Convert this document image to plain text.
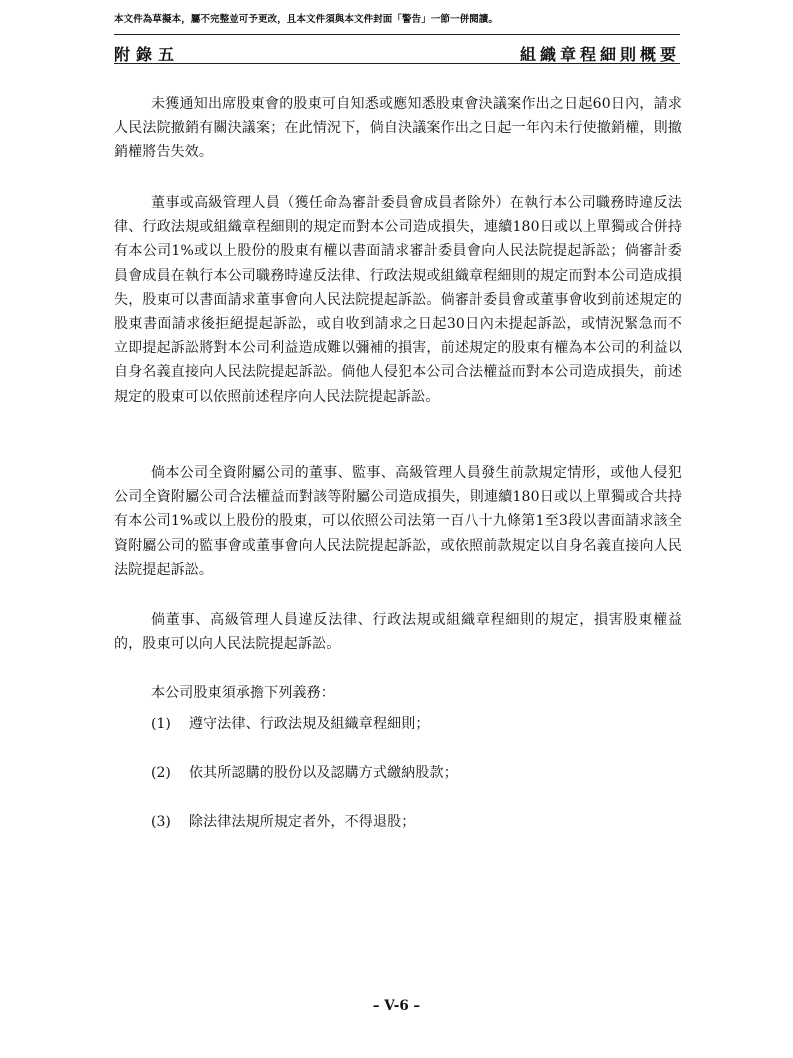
本文件為草擬本，屬不完整並可予更改，且本文件須與本文件封面「警告」一節一併閱讀。
附錄五	組織章程細則概要

未獲通知出席股東會的股東可自知悉或應知悉股東會決議案作出之日起60日內，請求人民法院撤銷有關決議案；在此情況下，倘自決議案作出之日起一年內未行使撤銷權，則撤銷權將告失效。

董事或高級管理人員（獲任命為審計委員會成員者除外）在執行本公司職務時違反法律、行政法規或組織章程細則的規定而對本公司造成損失，連續180日或以上單獨或合併持有本公司1%或以上股份的股東有權以書面請求審計委員會向人民法院提起訴訟；倘審計委員會成員在執行本公司職務時違反法律、行政法規或組織章程細則的規定而對本公司造成損失，股東可以書面請求董事會向人民法院提起訴訟。倘審計委員會或董事會收到前述規定的股東書面請求後拒絕提起訴訟，或自收到請求之日起30日內未提起訴訟，或情況緊急而不立即提起訴訟將對本公司利益造成難以彌補的損害，前述規定的股東有權為本公司的利益以自身名義直接向人民法院提起訴訟。倘他人侵犯本公司合法權益而對本公司造成損失，前述規定的股東可以依照前述程序向人民法院提起訴訟。

倘本公司全資附屬公司的董事、監事、高級管理人員發生前款規定情形，或他人侵犯公司全資附屬公司合法權益而對該等附屬公司造成損失，則連續180日或以上單獨或合共持有本公司1%或以上股份的股東，可以依照公司法第一百八十九條第1至3段以書面請求該全資附屬公司的監事會或董事會向人民法院提起訴訟，或依照前款規定以自身名義直接向人民法院提起訴訟。

倘董事、高級管理人員違反法律、行政法規或組織章程細則的規定，損害股東權益的，股東可以向人民法院提起訴訟。

本公司股東須承擔下列義務：

(1) 遵守法律、行政法規及組織章程細則；
(2) 依其所認購的股份以及認購方式繳納股款；
(3) 除法律法規所規定者外，不得退股；
– V-6 –
